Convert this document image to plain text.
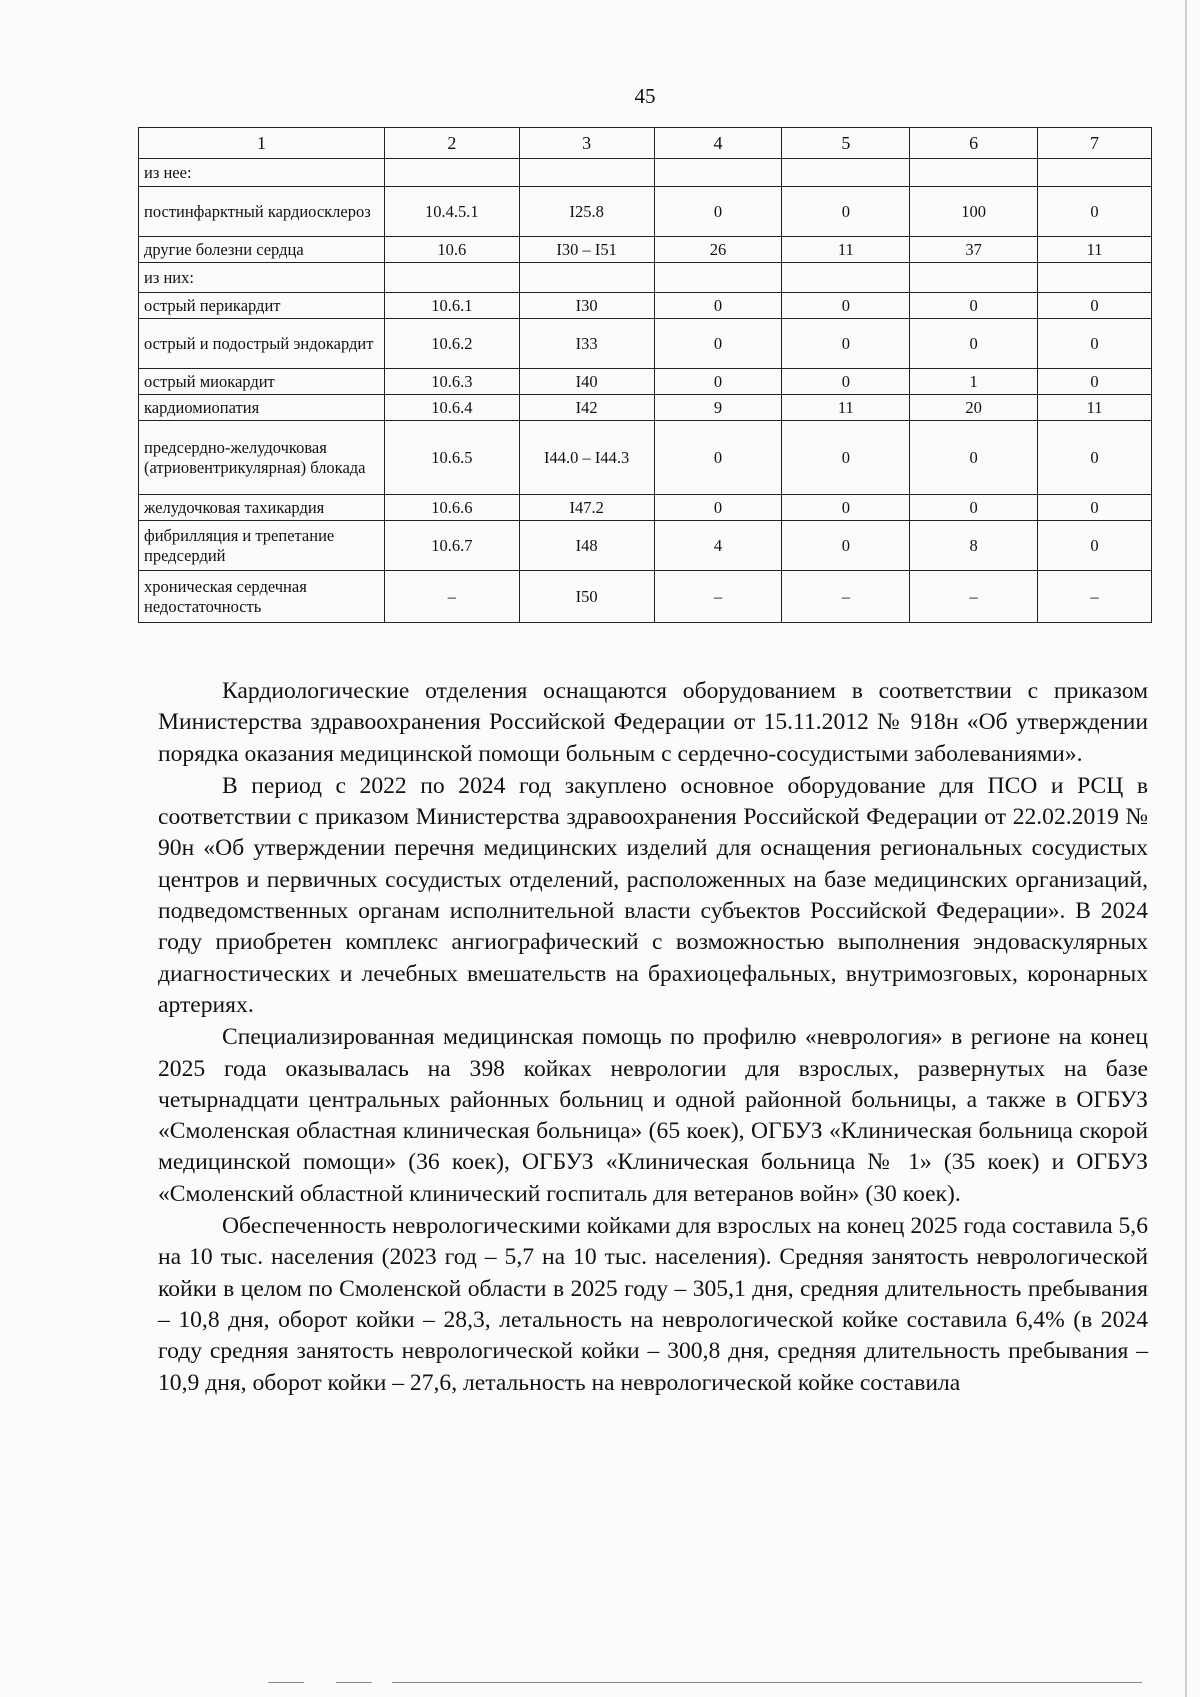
45
1	2	3	4	5	6	7
из нее:						
постинфарктный кардиосклероз	10.4.5.1	I25.8	0	0	100	0
другие болезни сердца	10.6	I30 – I51	26	11	37	11
из них:						
острый перикардит	10.6.1	I30	0	0	0	0
острый и подострый эндокардит	10.6.2	I33	0	0	0	0
острый миокардит	10.6.3	I40	0	0	1	0
кардиомиопатия	10.6.4	I42	9	11	20	11
предсердно-желудочковая (атриовентрикулярная) блокада	10.6.5	I44.0 – I44.3	0	0	0	0
желудочковая тахикардия	10.6.6	I47.2	0	0	0	0
фибрилляция и трепетание предсердий	10.6.7	I48	4	0	8	0
хроническая сердечная недостаточность	–	I50	–	–	–	–

Кардиологические отделения оснащаются оборудованием в соответствии с приказом Министерства здравоохранения Российской Федерации от 15.11.2012 № 918н «Об утверждении порядка оказания медицинской помощи больным с сердечно-сосудистыми заболеваниями».

В период с 2022 по 2024 год закуплено основное оборудование для ПСО и РСЦ в соответствии с приказом Министерства здравоохранения Российской Федерации от 22.02.2019 № 90н «Об утверждении перечня медицинских изделий для оснащения региональных сосудистых центров и первичных сосудистых отделений, расположенных на базе медицинских организаций, подведомственных органам исполнительной власти субъектов Российской Федерации». В 2024 году приобретен комплекс ангиографический с возможностью выполнения эндоваскулярных диагностических и лечебных вмешательств на брахиоцефальных, внутримозговых, коронарных артериях.

Специализированная медицинская помощь по профилю «неврология» в регионе на конец 2025 года оказывалась на 398 койках неврологии для взрослых, развернутых на базе четырнадцати центральных районных больниц и одной районной больницы, а также в ОГБУЗ «Смоленская областная клиническая больница» (65 коек), ОГБУЗ «Клиническая больница скорой медицинской помощи» (36 коек), ОГБУЗ «Клиническая больница № 1» (35 коек) и ОГБУЗ «Смоленский областной клинический госпиталь для ветеранов войн» (30 коек).

Обеспеченность неврологическими койками для взрослых на конец 2025 года составила 5,6 на 10 тыс. населения (2023 год – 5,7 на 10 тыс. населения). Средняя занятость неврологической койки в целом по Смоленской области в 2025 году – 305,1 дня, средняя длительность пребывания – 10,8 дня, оборот койки – 28,3, летальность на неврологической койке составила 6,4% (в 2024 году средняя занятость неврологической койки – 300,8 дня, средняя длительность пребывания – 10,9 дня, оборот койки – 27,6, летальность на неврологической койке составила
